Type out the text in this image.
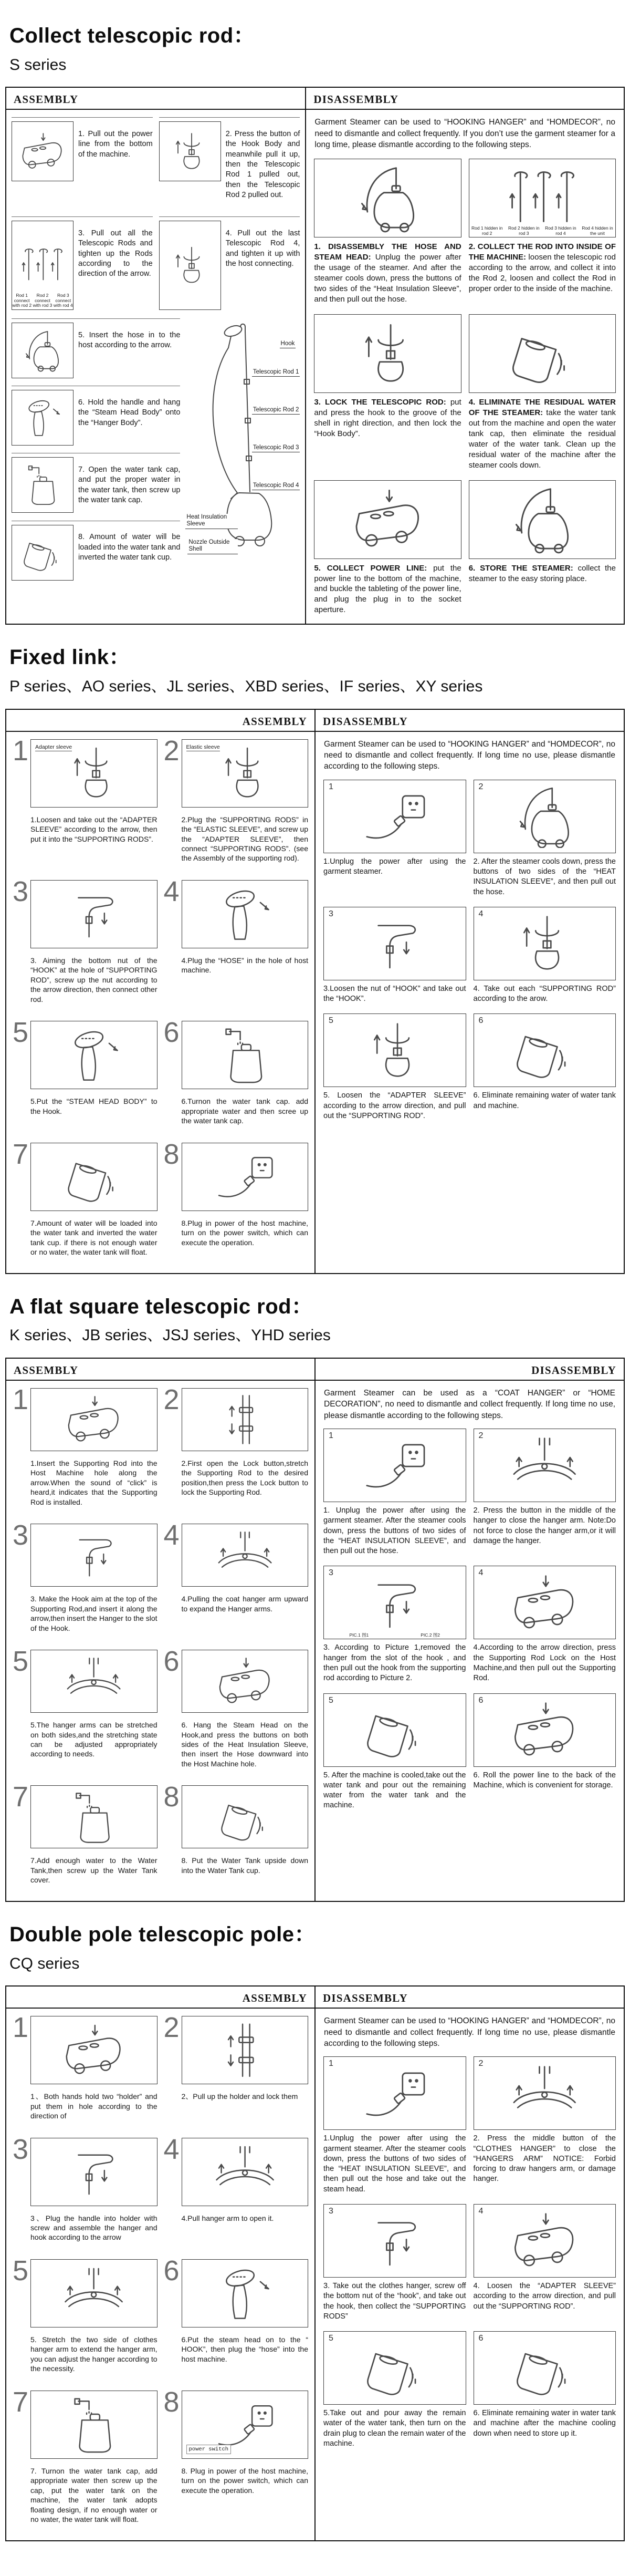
Collect telescopic rod：

S series

ASSEMBLY

1. Pull out the power line from the bottom of the machine.

2. Press the button of the Hook Body and meanwhile pull it up, then the Telescopic Rod 1 pulled out, then the Telescopic Rod 2 pulled out.

Rod 1 connect with rod 2
Rod 2 connect with rod 3
Rod 3 connect with rod 4

3. Pull out all the Telescopic Rods and tighten up the Rods according to the direction of the arrow.

4. Pull out the last Telescopic Rod 4, and tighten it up with the host connecting.

5. Insert the hose in to the host according to the arrow.

6. Hold the handle and hang the “Steam Head Body” onto the “Hanger Body”.

7. Open the water tank cap, and put the proper water in the water tank, then screw up the water tank cap.

8. Amount of water will be loaded into the water tank and inverted the water tank cup.

Hook
Telescopic Rod 1
Telescopic Rod 2
Telescopic Rod 3
Telescopic Rod 4
Heat Insulation Sleeve
Nozzle Outside Shell
DISASSEMBLY

Garment Steamer can be used to “HOOKING HANGER” and “HOMDECOR”, no need to dismantle and collect frequently. If you don’t use the garment steamer for a long time, please dismantle according to the following steps.

1. DISASSEMBLY THE HOSE AND STEAM HEAD: Unplug the power after the usage of the steamer. And after the steamer cools down, press the buttons of two sides of the “Heat Insulation Sleeve”, and then pull out the hose.

Rod 1 hidden in rod 2
Rod 2 hidden in rod 3
Rod 3 hidden in rod 4
Rod 4 hidden in the unit

2. COLLECT THE ROD INTO INSIDE OF THE MACHINE: loosen the telescopic rod according to the arrow, and collect it into the Rod 2, loosen and collect the Rod in proper order to the inside of the machine.

3. LOCK THE TELESCOPIC ROD: put and press the hook to the groove of the shell in right direction, and then lock the “Hook Body”.

4. ELIMINATE THE RESIDUAL WATER OF THE STEAMER: take the water tank out from the machine and open the water tank cap, then eliminate the residual water of the water tank. Clean up the residual water of the machine after the steamer cools down.

5. COLLECT POWER LINE: put the power line to the bottom of the machine, and buckle the tableting of the power line, and plug the plug in to the socket aperture.

6. STORE THE STEAMER: collect the steamer to the easy storing place.

Fixed link：

P series、AO series、JL series、XBD series、IF series、XY series

ASSEMBLY
1	Adapter sleeve

1.Loosen and take out the “ADAPTER SLEEVE” according to the arrow, then put it into the “SUPPORTING RODS”.

2	Elastic sleeve

2.Plug the “SUPPORTING RODS” in the “ELASTIC SLEEVE”, and screw up the “ADAPTER SLEEVE”, then connect “SUPPORTING RODS”. (see the Assembly of the supporting rod).

3

3. Aiming the bottom nut of the “HOOK” at the hole of “SUPPORTING ROD”, screw up the nut according to the arrow direction, then connect other rod.

4

4.Plug the “HOSE” in the hole of host machine.

5

5.Put the “STEAM HEAD BODY” to the Hook.

6

6.Turnon the water tank cap. add appropriate water and then scree up the water tank cap.

7

7.Amount of water will be loaded into the water tank and inverted the water tank cup. if there is not enough water or no water, the water tank will float.

8

8.Plug in power of the host machine, turn on the power switch, which can execute the operation.

DISASSEMBLY

Garment Steamer can be used to “HOOKING HANGER” and “HOMDECOR”, no need to dismantle and collect frequently. If long time no use, please dismantle according to the following steps.

1

1.Unplug the power after using the garment steamer.

2

2. After the steamer cools down, press the buttons of two sides of the “HEAT INSULATION SLEEVE”, and then pull out the hose.

3

3.Loosen the nut of “HOOK” and take out the “HOOK”.

4

4. Take out each “SUPPORTING ROD” according to the arow.

5

5. Loosen the “ADAPTER SLEEVE” according to the arrow direction, and pull out the “SUPPORTING ROD”.

6

6. Eliminate remaining water of water tank and machine.

A flat square telescopic rod：

K series、JB series、JSJ series、YHD series

ASSEMBLY
1

1.Insert the Supporting Rod into the Host Machine hole along the arrow.When the sound of “click” is heard,it indicates that the Supporting Rod is installed.

2

2.First open the Lock button,stretch the Supporting Rod to the desired position,then press the Lock button to lock the Supporting Rod.

3

3. Make the Hook aim at the top of the Supporting Rod,and insert it along the arrow,then insert the Hanger to the slot of the Hook.

4

4.Pulling the coat hanger arm upward to expand the Hanger arms.

5

5.The hanger arms can be stretched on both sides,and the stretching state can be adjusted appropriately according to needs.

6

6. Hang the Steam Head on the Hook,and press the buttons on both sides of the Heat Insulation Sleeve, then insert the Hose downward into the Host Machine hole.

7

7.Add enough water to the Water Tank,then screw up the Water Tank cover.

8

8. Put the Water Tank upside down into the Water Tank cup.

DISASSEMBLY

Garment Steamer can be used as a “COAT HANGER” or “HOME DECORATION”, no need to dismantle and collect frequently. If long time no use, please dismantle according to the following steps.

1

1. Unplug the power after using the garment steamer. After the steamer cools down, press the buttons of two sides of the “HEAT INSULATION SLEEVE”, and then pull out the hose.

2

2. Press the button in the middle of the hanger to close the hanger arm. Note:Do not force to close the hanger arm,or it will damage the hanger.

3
PIC.1 图1	PIC.2 图2

3. According to Picture 1,removed the hanger from the slot of the hook , and then pull out the hook from the supporting rod according to Picture 2.

4

4.According to the arrow direction, press the Supporting Rod Lock on the Host Machine,and then pull out the Supporting Rod.

5

5. After the machine is cooled,take out the water tank and pour out the remaining water from the water tank and the machine.

6

6. Roll the power line to the back of the Machine, which is convenient for storage.

Double pole telescopic pole：

CQ series

ASSEMBLY
1

1、Both hands hold two “holder” and put them in hole according to the direction of

2

2、Pull up the holder and lock them

3

3、Plug the handle into holder with screw and assemble the hanger and hook according to the arrow

4

4.Pull hanger arm to open it.

5

5. Stretch the two side of clothes hanger arm to extend the hanger arm, you can adjust the hanger according to the necessity.

6

6.Put the steam head on to the “ HOOK”, then plug the “hose” into the host machine.

7

7. Turnon the water tank cap, add appropriate water then screw up the cap, put the water tank on the machine, the water tank adopts floating design, if no enough water or no water, the water tank will float.

8
power switch

8. Plug in power of the host machine, turn on the power switch, which can execute the operation.

DISASSEMBLY

Garment Steamer can be used to “HOOKING HANGER” and “HOMDECOR”, no need to dismantle and collect frequently. If long time no use, please dismantle according to the following steps.

1

1.Unplug the power after using the garment steamer. After the steamer cools down, press the buttons of two sides of the “HEAT INSULATION SLEEVE”, and then pull out the hose and take out the steam head.

2

2. Press the middle button of the “CLOTHES HANGER” to close the “HANGERS ARM” NOTICE: Forbid forcing to draw hangers arm, or damage hanger.

3

3. Take out the clothes hanger, screw off the bottom nut of the “hook”, and take out the hook, then collect the “SUPPORTING RODS”

4

4. Loosen the “ADAPTER SLEEVE” according to the arrow direction, and pull out the “SUPPORTING ROD”.

5

5.Take out and pour away the remain water of the water tank, then turn on the drain plug to clean the remain water of the machine.

6

6. Eliminate remaining water in water tank and machine after the machine cooling down when need to store up it.
